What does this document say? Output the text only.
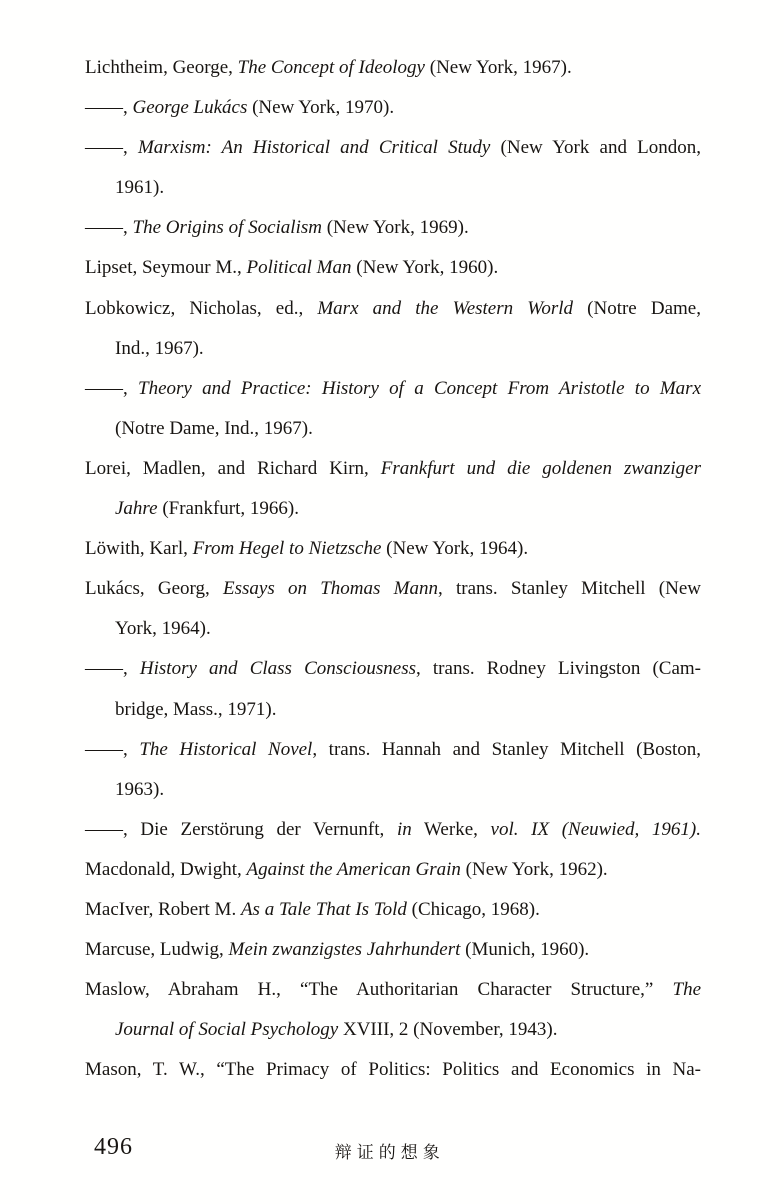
Lichtheim, George, The Concept of Ideology (New York, 1967).
——, George Lukács (New York, 1970).
——, Marxism: An Historical and Critical Study (New York and London,
1961).
——, The Origins of Socialism (New York, 1969).
Lipset, Seymour M., Political Man (New York, 1960).
Lobkowicz, Nicholas, ed., Marx and the Western World (Notre Dame,
Ind., 1967).
——, Theory and Practice: History of a Concept From Aristotle to Marx
(Notre Dame, Ind., 1967).
Lorei, Madlen, and Richard Kirn, Frankfurt und die goldenen zwanziger
Jahre (Frankfurt, 1966).
Löwith, Karl, From Hegel to Nietzsche (New York, 1964).
Lukács, Georg, Essays on Thomas Mann, trans. Stanley Mitchell (New
York, 1964).
——, History and Class Consciousness, trans. Rodney Livingston (Cam-
bridge, Mass., 1971).
——, The Historical Novel, trans. Hannah and Stanley Mitchell (Boston,
1963).
——, Die Zerstörung der Vernunft, in Werke, vol. IX (Neuwied, 1961).
Macdonald, Dwight, Against the American Grain (New York, 1962).
MacIver, Robert M. As a Tale That Is Told (Chicago, 1968).
Marcuse, Ludwig, Mein zwanzigstes Jahrhundert (Munich, 1960).
Maslow, Abraham H., “The Authoritarian Character Structure,” The
Journal of Social Psychology XVIII, 2 (November, 1943).
Mason, T. W., “The Primacy of Politics: Politics and Economics in Na-
496	辩证的想象
